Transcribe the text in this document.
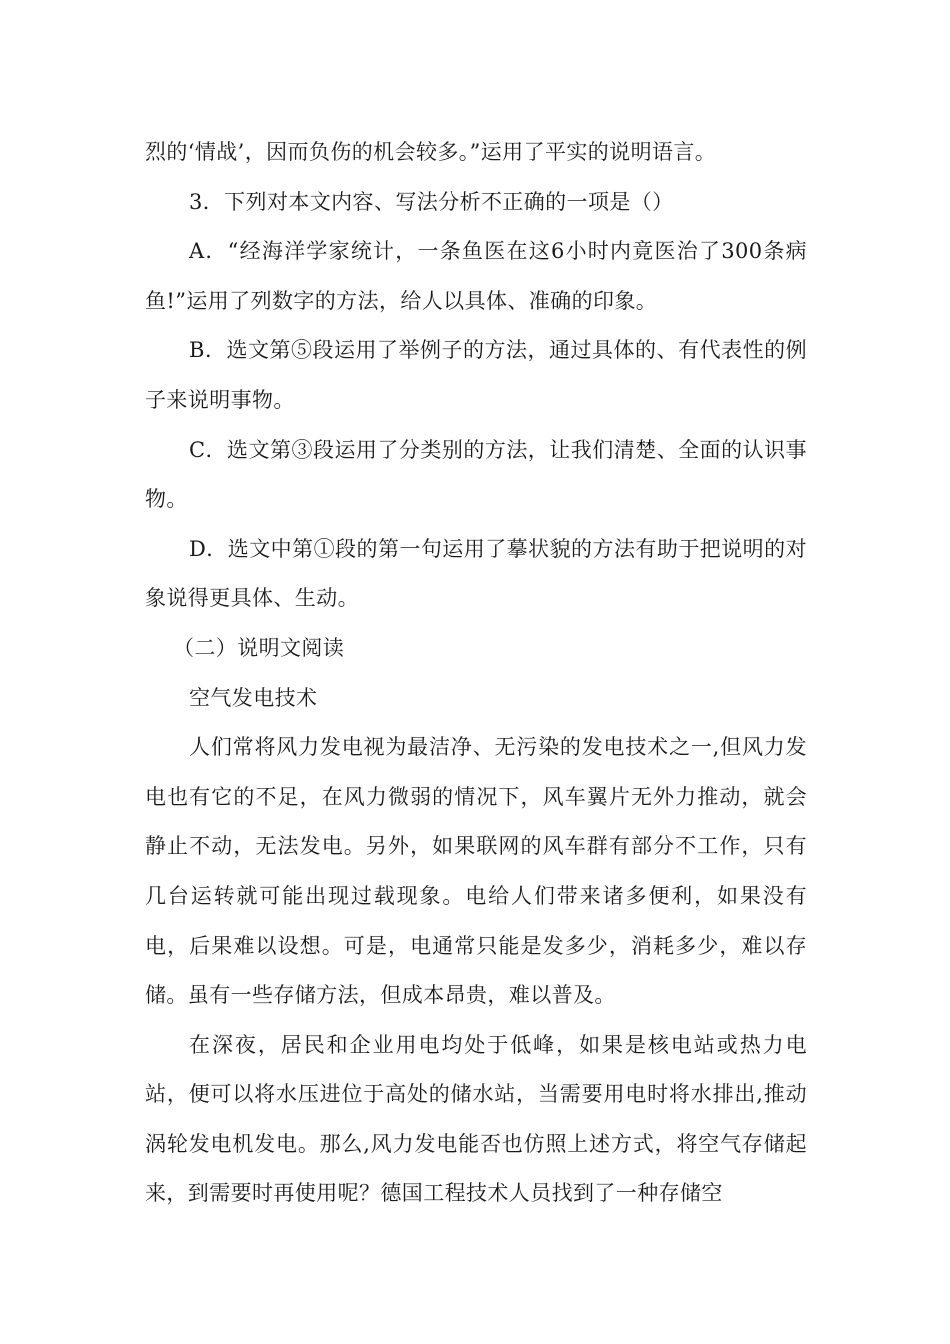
烈的‘情战’，因而负伤的机会较多。”运用了平实的说明语言。

3．下列对本文内容、写法分析不正确的一项是（）

A．“经海洋学家统计，一条鱼医在这6小时内竟医治了300条病鱼!”运用了列数字的方法，给人以具体、准确的印象。

B．选文第⑤段运用了举例子的方法，通过具体的、有代表性的例子来说明事物。

C．选文第③段运用了分类别的方法，让我们清楚、全面的认识事物。

D．选文中第①段的第一句运用了摹状貌的方法有助于把说明的对象说得更具体、生动。

（二）说明文阅读

空气发电技术

人们常将风力发电视为最洁净、无污染的发电技术之一,但风力发电也有它的不足，在风力微弱的情况下，风车翼片无外力推动，就会静止不动，无法发电。另外，如果联网的风车群有部分不工作，只有几台运转就可能出现过载现象。电给人们带来诸多便利，如果没有电，后果难以设想。可是，电通常只能是发多少，消耗多少，难以存储。虽有一些存储方法，但成本昂贵，难以普及。

在深夜，居民和企业用电均处于低峰，如果是核电站或热力电站，便可以将水压进位于高处的储水站，当需要用电时将水排出,推动涡轮发电机发电。那么,风力发电能否也仿照上述方式，将空气存储起来，到需要时再使用呢？德国工程技术人员找到了一种存储空
